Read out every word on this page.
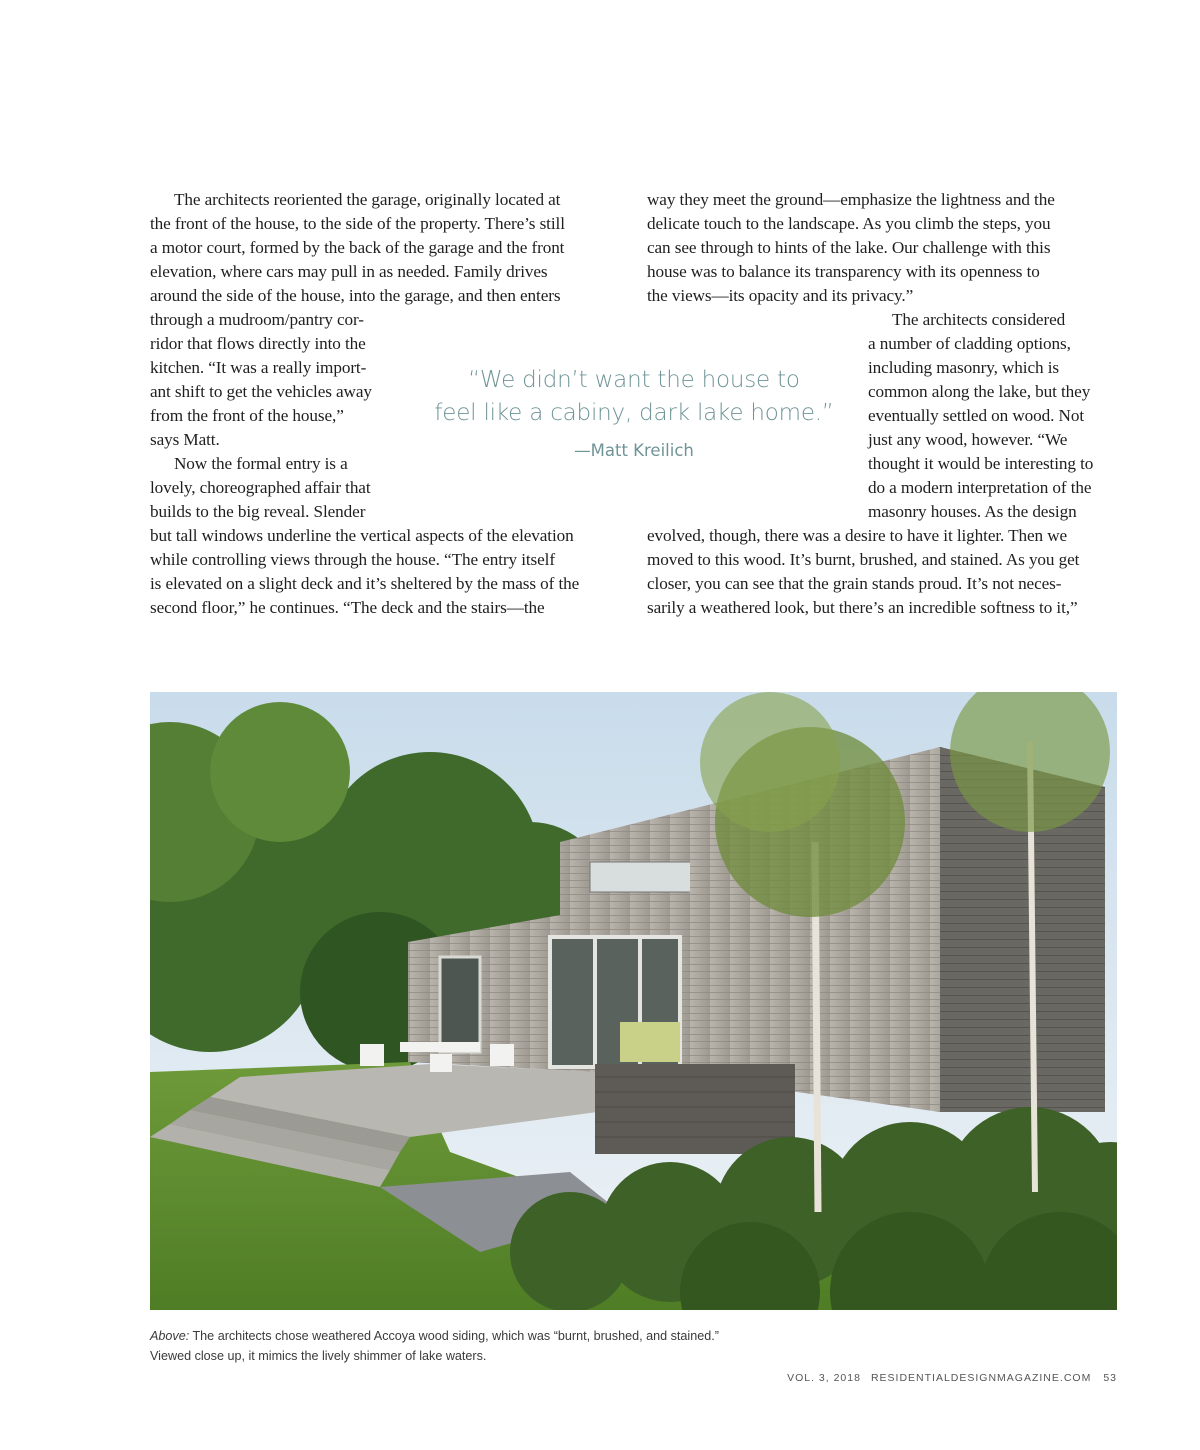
The architects reoriented the garage, originally located at
the front of the house, to the side of the property. There’s still
a motor court, formed by the back of the garage and the front
elevation, where cars may pull in as needed. Family drives
around the side of the house, into the garage, and then enters
through a mudroom/pantry cor-
ridor that flows directly into the
kitchen. “It was a really import-
ant shift to get the vehicles away
from the front of the house,”
says Matt.
Now the formal entry is a
lovely, choreographed affair that
builds to the big reveal. Slender
but tall windows underline the vertical aspects of the elevation
while controlling views through the house. “The entry itself
is elevated on a slight deck and it’s sheltered by the mass of the
second floor,” he continues. “The deck and the stairs—the
way they meet the ground—emphasize the lightness and the
delicate touch to the landscape. As you climb the steps, you
can see through to hints of the lake. Our challenge with this
house was to balance its transparency with its openness to
the views—its opacity and its privacy.”
The architects considered
a number of cladding options,
including masonry, which is
common along the lake, but they
eventually settled on wood. Not
just any wood, however. “We
thought it would be interesting to
do a modern interpretation of the
masonry houses. As the design
evolved, though, there was a desire to have it lighter. Then we
moved to this wood. It’s burnt, brushed, and stained. As you get
closer, you can see that the grain stands proud. It’s not neces-
sarily a weathered look, but there’s an incredible softness to it,”
“We didn’t want the house to
feel like a cabiny, dark lake home.”
—Matt Kreilich
Above: The architects chose weathered Accoya wood siding, which was “burnt, brushed, and stained.”
Viewed close up, it mimics the lively shimmer of lake waters.
VOL. 3, 2018 RESIDENTIALDESIGNMAGAZINE.COM 53
